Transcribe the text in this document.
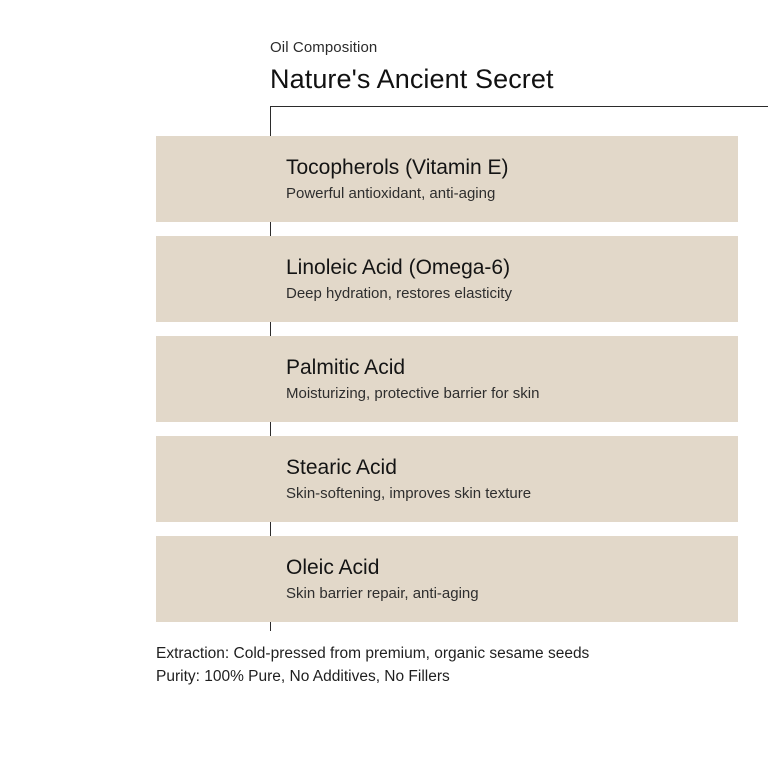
Oil Composition
Nature's Ancient Secret
Tocopherols (Vitamin E)
Powerful antioxidant, anti-aging
Linoleic Acid (Omega-6)
Deep hydration, restores elasticity
Palmitic Acid
Moisturizing, protective barrier for skin
Stearic Acid
Skin-softening, improves skin texture
Oleic Acid
Skin barrier repair, anti-aging
Extraction: Cold-pressed from premium, organic sesame seeds
Purity: 100% Pure, No Additives, No Fillers
